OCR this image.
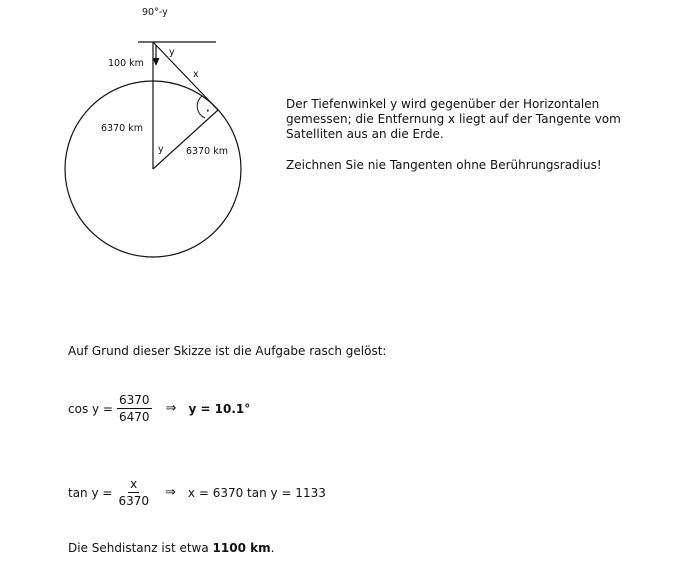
90°-y
y
x
100 km
6370 km
y 6370 km
·
Der Tiefenwinkel y wird gegenüber der Horizontalen gemessen; die Entfernung x liegt auf der Tangente vom Satelliten aus an die Erde.
Zeichnen Sie nie Tangenten ohne Berührungsradius!
Auf Grund dieser Skizze ist die Aufgabe rasch gelöst:
$\cos y = \frac{6370}{6470}$ ⇒ y = 10.1°
$\tan y = \frac{x}{6370}$ ⇒ x = 6370 tan y = 1133
Die Sehdistanz ist etwa 1100 km.
